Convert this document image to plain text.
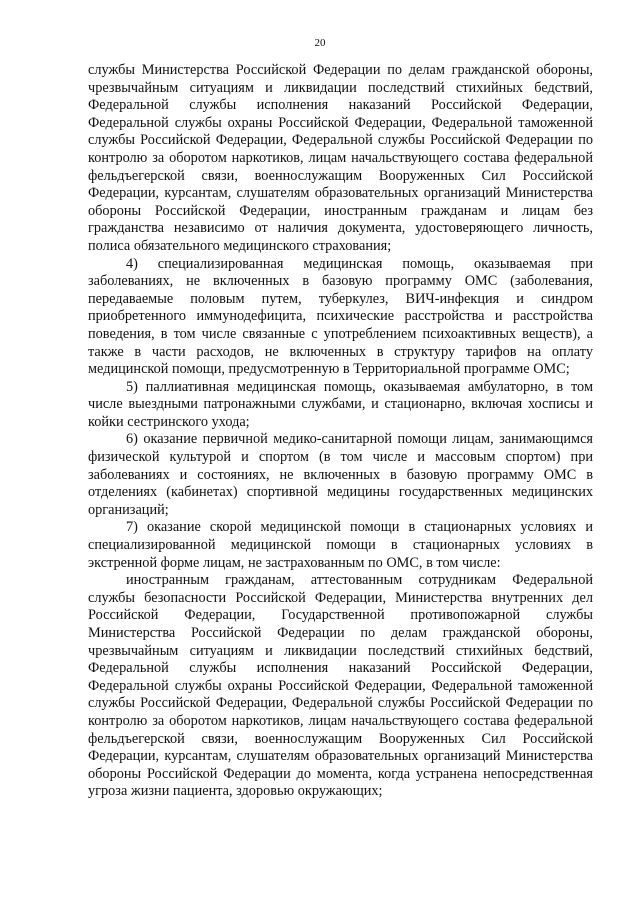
20

службы Министерства Российской Федерации по делам гражданской обороны, чрезвычайным ситуациям и ликвидации последствий стихийных бедствий, Федеральной службы исполнения наказаний Российской Федерации, Федеральной службы охраны Российской Федерации, Федеральной таможенной службы Российской Федерации, Федеральной службы Российской Федерации по контролю за оборотом наркотиков, лицам начальствующего состава федеральной фельдъегерской связи, военнослужащим Вооруженных Сил Российской Федерации, курсантам, слушателям образовательных организаций Министерства обороны Российской Федерации, иностранным гражданам и лицам без гражданства независимо от наличия документа, удостоверяющего личность, полиса обязательного медицинского страхования;

4) специализированная медицинская помощь, оказываемая при заболеваниях, не включенных в базовую программу ОМС (заболевания, передаваемые половым путем, туберкулез, ВИЧ-инфекция и синдром приобретенного иммунодефицита, психические расстройства и расстройства поведения, в том числе связанные с употреблением психоактивных веществ), а также в части расходов, не включенных в структуру тарифов на оплату медицинской помощи, предусмотренную в Территориальной программе ОМС;

5) паллиативная медицинская помощь, оказываемая амбулаторно, в том числе выездными патронажными службами, и стационарно, включая хосписы и койки сестринского ухода;

6) оказание первичной медико-санитарной помощи лицам, занимающимся физической культурой и спортом (в том числе и массовым спортом) при заболеваниях и состояниях, не включенных в базовую программу ОМС в отделениях (кабинетах) спортивной медицины государственных медицинских организаций;

7) оказание скорой медицинской помощи в стационарных условиях и специализированной медицинской помощи в стационарных условиях в экстренной форме лицам, не застрахованным по ОМС, в том числе:

иностранным гражданам, аттестованным сотрудникам Федеральной службы безопасности Российской Федерации, Министерства внутренних дел Российской Федерации, Государственной противопожарной службы Министерства Российской Федерации по делам гражданской обороны, чрезвычайным ситуациям и ликвидации последствий стихийных бедствий, Федеральной службы исполнения наказаний Российской Федерации, Федеральной службы охраны Российской Федерации, Федеральной таможенной службы Российской Федерации, Федеральной службы Российской Федерации по контролю за оборотом наркотиков, лицам начальствующего состава федеральной фельдъегерской связи, военнослужащим Вооруженных Сил Российской Федерации, курсантам, слушателям образовательных организаций Министерства обороны Российской Федерации до момента, когда устранена непосредственная угроза жизни пациента, здоровью окружающих;
